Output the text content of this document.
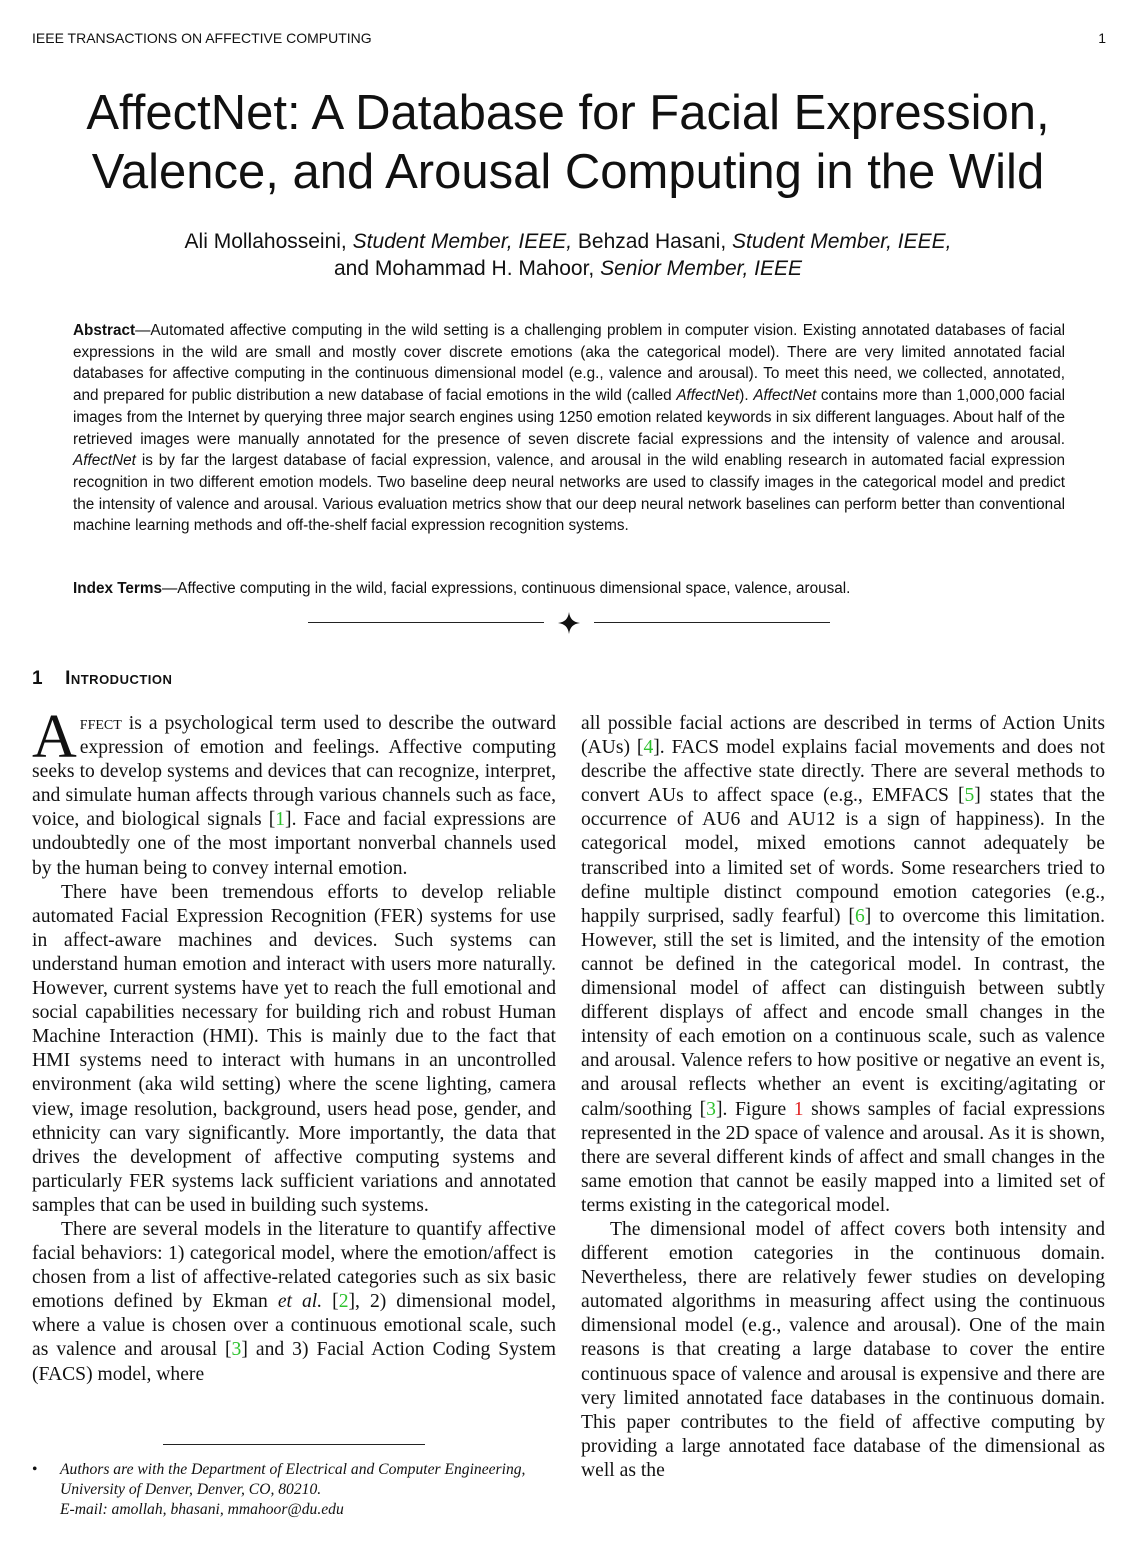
IEEE TRANSACTIONS ON AFFECTIVE COMPUTING	1
AffectNet: A Database for Facial Expression,
Valence, and Arousal Computing in the Wild
Ali Mollahosseini, Student Member, IEEE, Behzad Hasani, Student Member, IEEE,
and Mohammad H. Mahoor, Senior Member, IEEE
Abstract—Automated affective computing in the wild setting is a challenging problem in computer vision. Existing annotated databases of facial expressions in the wild are small and mostly cover discrete emotions (aka the categorical model). There are very limited annotated facial databases for affective computing in the continuous dimensional model (e.g., valence and arousal). To meet this need, we collected, annotated, and prepared for public distribution a new database of facial emotions in the wild (called AffectNet). AffectNet contains more than 1,000,000 facial images from the Internet by querying three major search engines using 1250 emotion related keywords in six different languages. About half of the retrieved images were manually annotated for the presence of seven discrete facial expressions and the intensity of valence and arousal. AffectNet is by far the largest database of facial expression, valence, and arousal in the wild enabling research in automated facial expression recognition in two different emotion models. Two baseline deep neural networks are used to classify images in the categorical model and predict the intensity of valence and arousal. Various evaluation metrics show that our deep neural network baselines can perform better than conventional machine learning methods and off-the-shelf facial expression recognition systems.
Index Terms—Affective computing in the wild, facial expressions, continuous dimensional space, valence, arousal.
1 Introduction

Affect is a psychological term used to describe the outward expression of emotion and feelings. Affective computing seeks to develop systems and devices that can recognize, interpret, and simulate human affects through various channels such as face, voice, and biological signals [1]. Face and facial expressions are undoubtedly one of the most important nonverbal channels used by the human being to convey internal emotion.

There have been tremendous efforts to develop reliable automated Facial Expression Recognition (FER) systems for use in affect-aware machines and devices. Such systems can understand human emotion and interact with users more naturally. However, current systems have yet to reach the full emotional and social capabilities necessary for building rich and robust Human Machine Interaction (HMI). This is mainly due to the fact that HMI systems need to interact with humans in an uncontrolled environment (aka wild setting) where the scene lighting, camera view, image resolution, background, users head pose, gender, and ethnicity can vary significantly. More importantly, the data that drives the development of affective computing systems and particularly FER systems lack sufficient variations and annotated samples that can be used in building such systems.

There are several models in the literature to quantify affective facial behaviors: 1) categorical model, where the emotion/affect is chosen from a list of affective-related categories such as six basic emotions defined by Ekman et al. [2], 2) dimensional model, where a value is chosen over a continuous emotional scale, such as valence and arousal [3] and 3) Facial Action Coding System (FACS) model, where

all possible facial actions are described in terms of Action Units (AUs) [4]. FACS model explains facial movements and does not describe the affective state directly. There are several methods to convert AUs to affect space (e.g., EMFACS [5] states that the occurrence of AU6 and AU12 is a sign of happiness). In the categorical model, mixed emotions cannot adequately be transcribed into a limited set of words. Some researchers tried to define multiple distinct compound emotion categories (e.g., happily surprised, sadly fearful) [6] to overcome this limitation. However, still the set is limited, and the intensity of the emotion cannot be defined in the categorical model. In contrast, the dimensional model of affect can distinguish between subtly different displays of affect and encode small changes in the intensity of each emotion on a continuous scale, such as valence and arousal. Valence refers to how positive or negative an event is, and arousal reflects whether an event is exciting/agitating or calm/soothing [3]. Figure 1 shows samples of facial expressions represented in the 2D space of valence and arousal. As it is shown, there are several different kinds of affect and small changes in the same emotion that cannot be easily mapped into a limited set of terms existing in the categorical model.

The dimensional model of affect covers both intensity and different emotion categories in the continuous domain. Nevertheless, there are relatively fewer studies on developing automated algorithms in measuring affect using the continuous dimensional model (e.g., valence and arousal). One of the main reasons is that creating a large database to cover the entire continuous space of valence and arousal is expensive and there are very limited annotated face databases in the continuous domain. This paper contributes to the field of affective computing by providing a large annotated face database of the dimensional as well as the

• Authors are with the Department of Electrical and Computer Engineering, University of Denver, Denver, CO, 80210.
E-mail: amollah, bhasani, mmahoor@du.edu
